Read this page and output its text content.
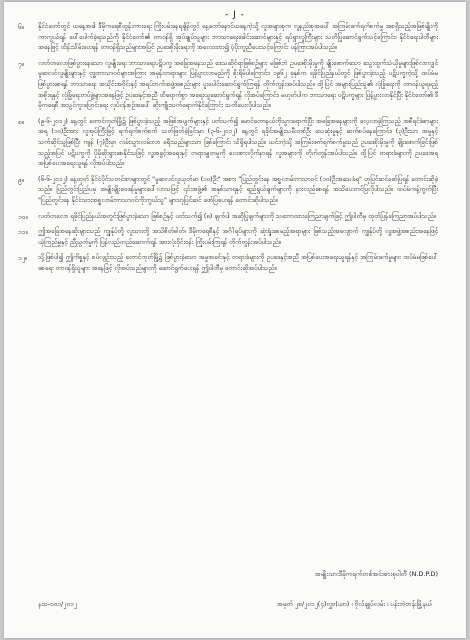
- J -
၆။ နိုင်ငံတော်တွင် ယနေ့အခါ ဒီမိုကရေစီထွန်းကားရေး ကြိုးပမ်းနေရချိန်တွင် နေ့တော်နောင်ယနေ့ကဲ့သို့ လူအများစုက လူနည်းစုအပေါ် အကြမ်းဖက်ရက်စက်မှု အစရှိသည့်အဖြစ်မျိုးကို ကာကွယ်ရန် ပေါ်ပေါက်ခဲ့ရသည်ကို နိုင်ငံတော်၏ တာဝန်ရှိ အုပ်ချုပ်သူများ ဘာသာရေးခေါင်းဆောင်များနှင့် ရပ်ရွာလူကြီးများ သတိပြုဆောင်ရွက်သင့်ကြောင်း၊ နိုင်ငံရေးပါတီများအနေဖြင့် ထိန်းသိမ်းပေးရန် တာဝန်ရှိသည်များအပြင် ဉပဒေစိုးမိုးရေးကို အလေးထား၍ ပံ့ပိုးကူညီပေးသင့်ကြောင်း ပန်ကြားအပ်ပါသည်။
၇။ လတ်တလောဖြစ်ပွားနေသော လူမျိုးရေး ဘာသာရေးပဋိပက္ခ အခြေအနေသည် ဒေသဆိုင်ရာဖြစ်စဉ်များ မဖြစ်ဘဲ ဥပဒေစိုးမိုးမှုကို ချိုးဖောက်သော သွေးထွက်သံယိုမှုများဖြစ်လာလျှင် မူဆလင်လူမျိုးများနှင့် ဗုဒ္ဓဘာသာဝင်များအကြား အမုန်းတရားများ ပြန့်ပွားလာမည်ကို စိုးရိမ်ပါကြောင်း၊ ၁၉၆၂ ခုနှစ်က ရခိုင်ပြည်နယ်တွင် ဖြစ်ပွားခဲ့သည့် ပဋိပက္ခကဲ့သို့ ထပ်မံမဖြစ်ပွားစေရန် ဘာသာရေး အသိုင်းအဝိုင်းနှင့် အရပ်ဘက်အဖွဲ့အစည်းများ ပူးပေါင်းဆောင်ရွက်ကြရန် တိုက်တွန်းအပ်ပါသည်။ ထို့ပြင် အများပြည်သူ၏ လုံခြုံရေးကို တာဝန်ယူရမည့် အစိုးရနှင့် လုံခြုံရေးတပ်ဖွဲ့များအနေဖြင့် ဥပဒေနှင့်အညီ ထိရောက်စွာ အရေးယူဆောင်ရွက်ရန် လိုအပ်ကြောင်း၊ မဟုတ်ပါက ဘာသာရေး ပဋိပက္ခများ ပြန့်ပွားလာနိုင်ပြီး နိုင်ငံတော်၏ ဒီမိုကရေစီ အသွင်ကူးပြောင်းရေး လုပ်ငန်းစဉ်အပေါ် ဆိုးကျိုးသက်ရောက်နိုင်ကြောင်း သတိပေးလိုပါသည်။
၈။ (၉-၆-၂၀၁၂) နေ့တွင် တောင်ကုတ်မြို့၌ ဖြစ်ပွားခဲ့သည့် အဖြစ်အပျက်များနှင့် ပတ်သက်၍ မောင်တောနယ်ကိုသွားရောက်ပြီး အခြေအနေများကို လေ့လာခဲ့ကြသည့် အစီရင်ခံစာများအရ (၁၀)ဦးအား လူအုပ်ကြီးဖြင့် ရက်ရက်စက်စက် သတ်ဖြတ်ခဲ့ခြင်းမှာ (၃-၆-၂၀၁၂) နေ့တွင် ရခိုင်အမျိုးသမီးတစ်ဦး သေဆုံးမှုနှင့် ဆက်စပ်နေကြောင်း၊ (၃)ဦးသာ အမှုနှင့်သက်ဆိုင်သူဖြစ်ပြီး ကျန် (၇)ဦးမှာ လမ်းသွားလမ်းလာ ခရီးသည်များသာ ဖြစ်ကြောင်း သိရှိရပါသည်။ ယင်းကဲ့သို့ အကြမ်းဖက်ရက်စက်မှုသည် ဥပဒေစိုးမိုးမှုကို ချိုးဖောက်ခြင်းဖြစ်သည့်အပြင် ပဋိပက္ခကို ပိုမိုဆိုးရွားစေနိုင်သဖြင့် လူ့အခွင့်အရေးနှင့် တရားမျှတမှုကို လေးစားလိုက်နာရန် လူအများကို တိုက်တွန်းအပ်ပါသည်။ ထို့ပြင် တရားခံများကို ဥပဒေအရ အပြစ်ပေးအရေးယူရန် လိုအပ်ပါသည်။
၉။ (၆-၆-၂၀၁၂) နေ့ထုတ် နိုင်ငံပိုင်သတင်းစာများတွင် "မူဆလင်လူယုတ်မာ (၁၀)ဦး" အစား "ပြည်တွင်းနေ အစ္စလာမ်ဘာသာဝင် (၁၀)ဦးအသေခံရ" ဟုပြင်ဆင်ဖော်ပြရန် တောင်းဆိုခဲ့သည်။ ပြည်တွင်းပြည်ပမှ အမျိုးမျိုးဝေဖန်မှုများပေါ်လာသဖြင့် ၎င်းအဖွဲ့၏ အနှစ်သာရနှင့် ရည်ရွယ်ချက်များကို နားလည်စေရန် အသိပေးတင်ပြလိုပါသည်။ ထပ်မံကန့်ကွက်ပြီး "ပြည်တွင်းနေ နိုင်ငံသားအစ္စလာမ်ဘာသာဝင်ကိုးကွယ်သူ" များဟုပြင်ဆင် ဖော်ပြပေးရန် တောင်းဆိုပါသည်။
၁၀။ လတ်တလော ရခိုင်ပြည်နယ်အတွင်းဖြစ်ပွားခဲ့သော ဖြစ်စဉ်နှင့် ပတ်သက်၍ (၈) ချက်ပါ အဆိုပြုချက်များကို သဘောထားကြေညာချက်ဖြင့် ဤပါတီမှ ထုတ်ပြန်ကြေညာအပ်ပါသည်။
၁၁။ ဤအခြေအနေဆိုးများသည် ကျွန်ုပ်တို့ လူသားတို့ အသိစိတ်ဓါတ်၊ ဒီမိုကရေစီနှင့် အင်္ဂါရပ်များကို ဆုံးရှုံးစေမည့်အရာများ ဖြစ်သည့်အလျောက် ကျွန်ုပ်တို့ လူ့အဖွဲ့အစည်းအနေဖြင့် ယုံကြည်မှုနှင့် ညီညွတ်မှုကို ပြန်လည်တည်ဆောက်ရန် အားလုံးဝိုင်းဝန်း ကြိုးပမ်းကြရန် တိုက်တွန်းအပ်ပါသည်။
၁၂။ သို့ဖြစ်ပါ၍ ဤကိစ္စနှင့် စပ်လျဉ်းသည့် တောင်ကုတ်မြို့၌ ဖြစ်ပွားခဲ့သော အမှုအခင်းနှင့် တရားခံများကို ဥပဒေနှင့်အညီ အပြစ်ပေးအရေးယူရန်နှင့် အကြမ်းဖက်မှုများ ထပ်မံမဖြစ်ပေါ်စေရေး တာဝန်ရှိသူများ အနေဖြင့် လိုအပ်သည်များကို ဆောင်ရွက်ပေးရန် ဤပါတီမှ တောင်းဆိုအပ်ပါသည်။
အမျိုးသားဒီမိုကရက်တစ်အင်အားစုပါတီ (N.D.P.D)
နသ-၀၀၁/၂၀၁၂	အမှတ် ၂၈/၂၀၁၂(၄)လွှာ(ယာ) ၊ ဗိုလ်ချုပ်လမ်း ၊ ပန်းဘဲတန်းမြို့နယ်
